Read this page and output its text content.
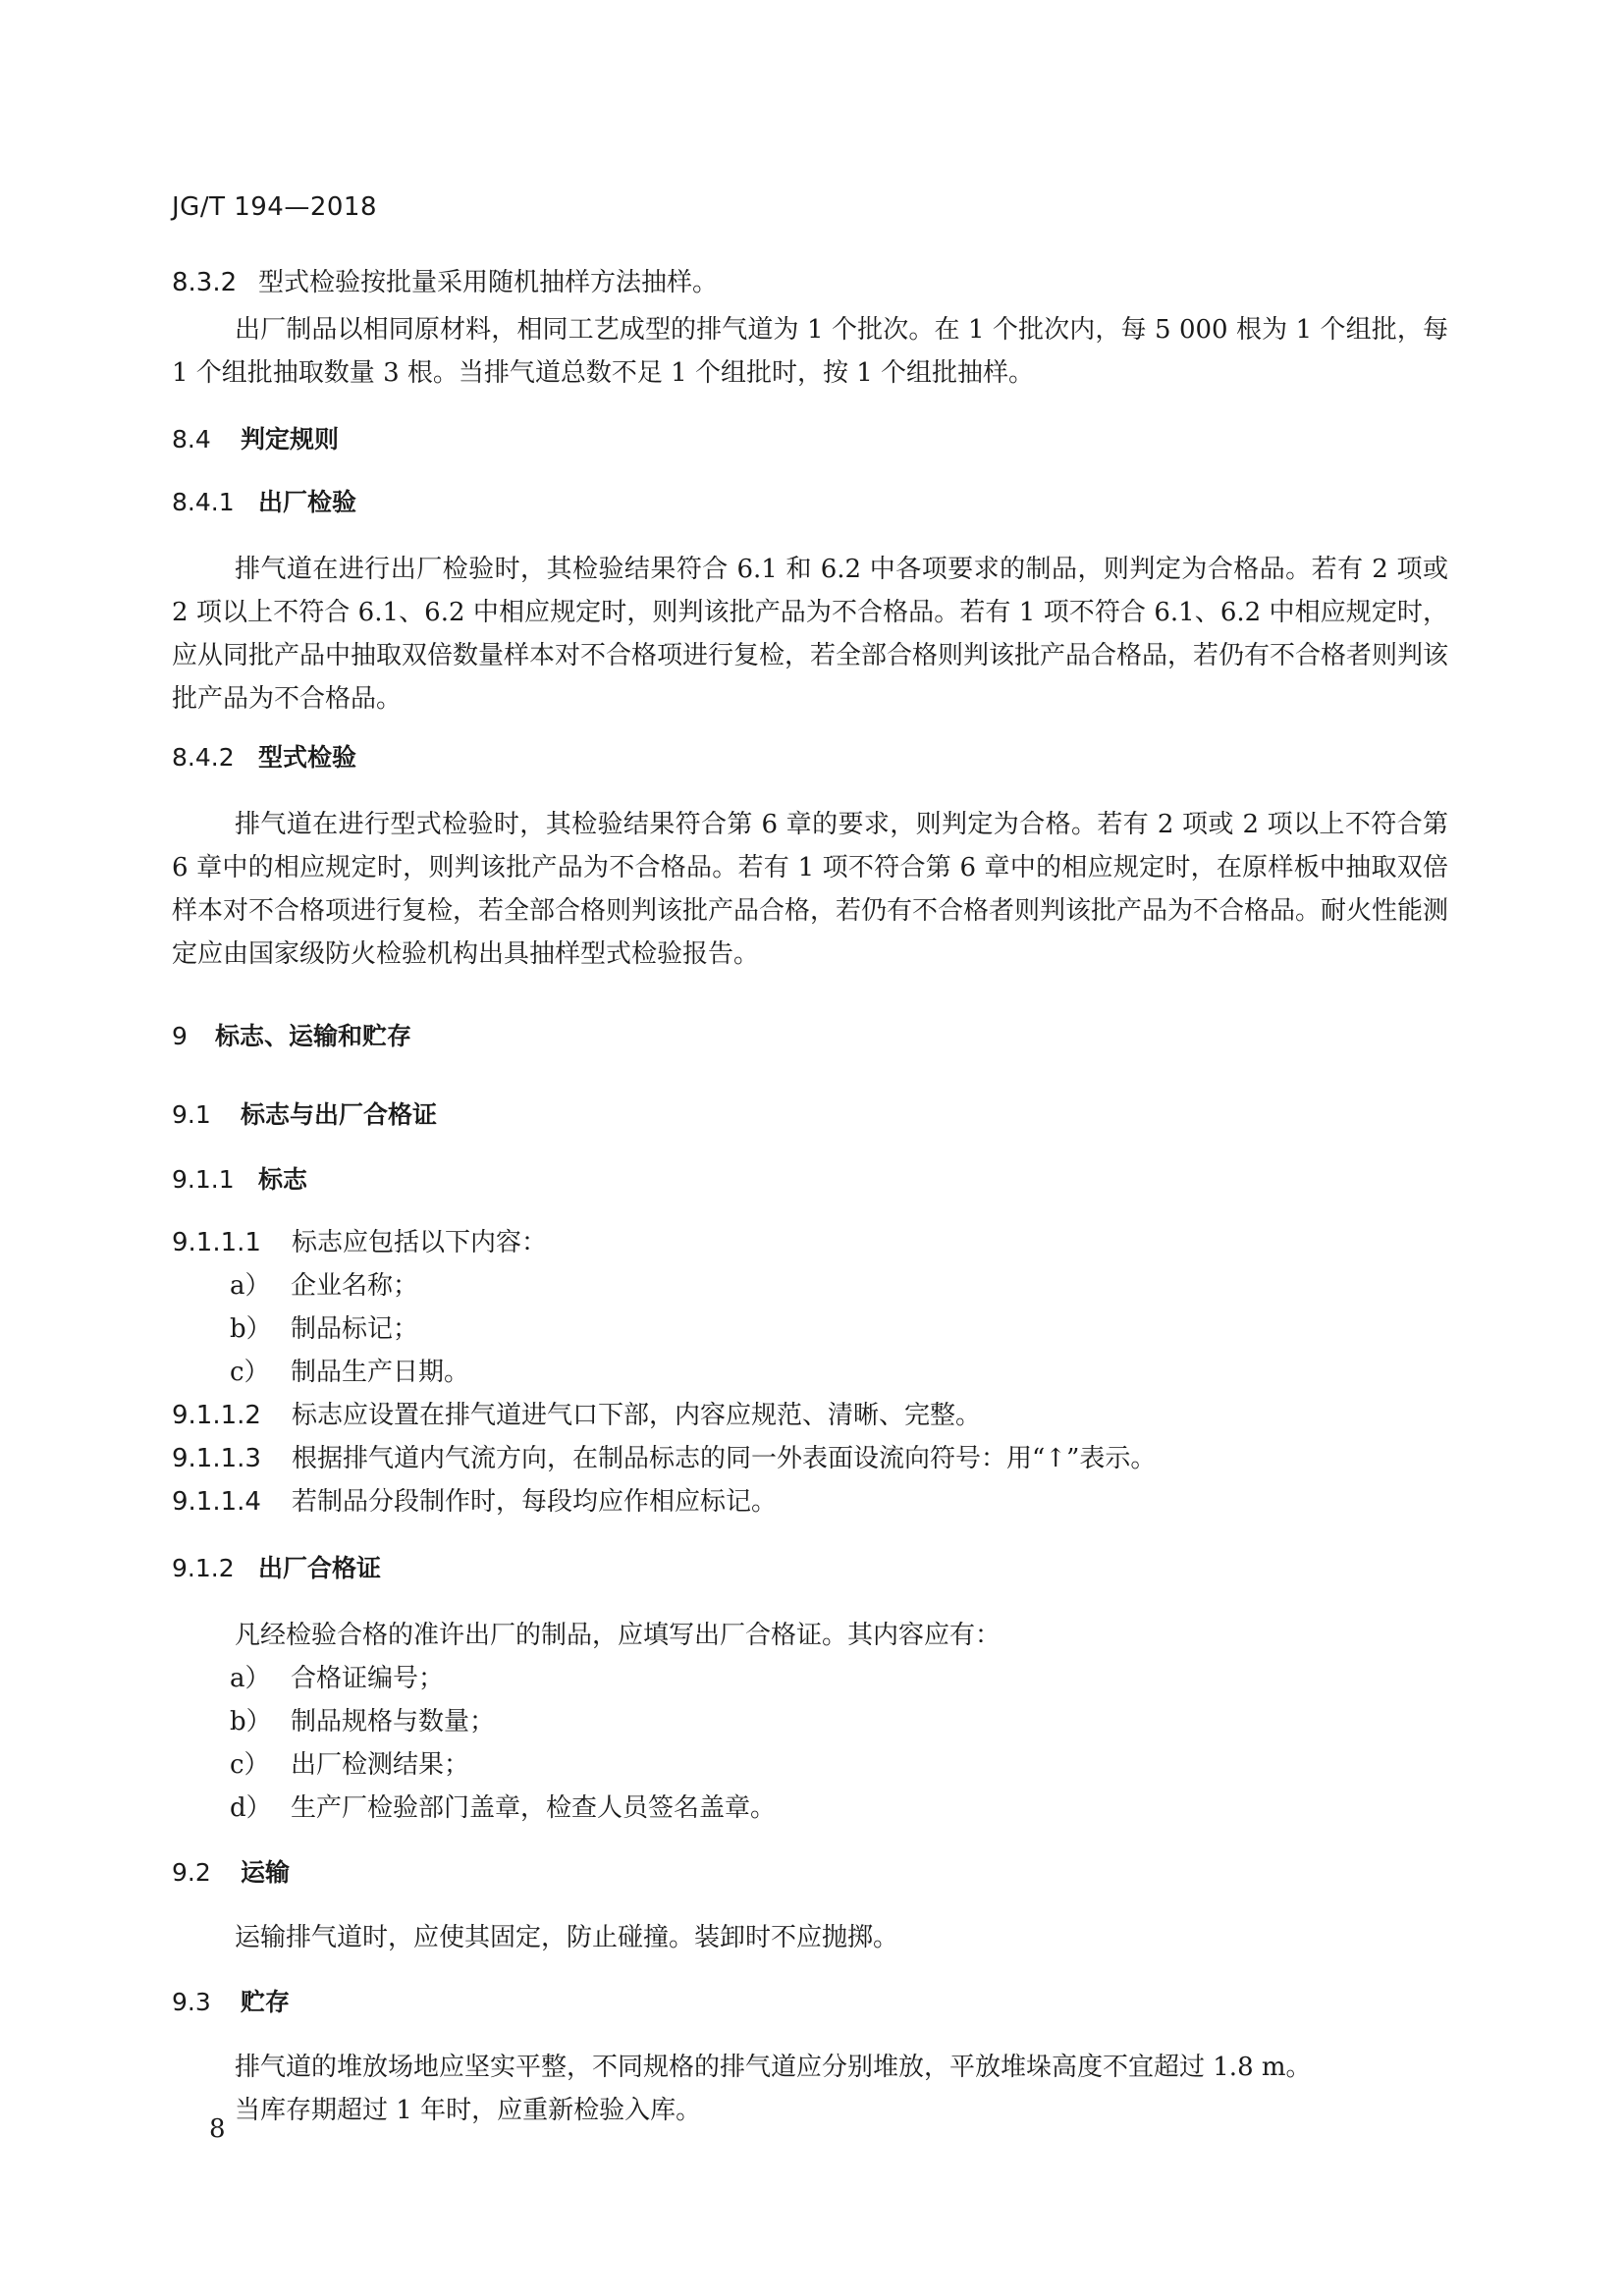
JG/T 194—2018
8.3.2 型式检验按批量采用随机抽样方法抽样。
出厂制品以相同原材料，相同工艺成型的排气道为 1 个批次。在 1 个批次内，每 5 000 根为 1 个组批，每 1 个组批抽取数量 3 根。当排气道总数不足 1 个组批时，按 1 个组批抽样。
8.4 判定规则
8.4.1 出厂检验
排气道在进行出厂检验时，其检验结果符合 6.1 和 6.2 中各项要求的制品，则判定为合格品。若有 2 项或 2 项以上不符合 6.1、6.2 中相应规定时，则判该批产品为不合格品。若有 1 项不符合 6.1、6.2 中相应规定时，应从同批产品中抽取双倍数量样本对不合格项进行复检，若全部合格则判该批产品合格品，若仍有不合格者则判该批产品为不合格品。
8.4.2 型式检验
排气道在进行型式检验时，其检验结果符合第 6 章的要求，则判定为合格。若有 2 项或 2 项以上不符合第 6 章中的相应规定时，则判该批产品为不合格品。若有 1 项不符合第 6 章中的相应规定时，在原样板中抽取双倍样本对不合格项进行复检，若全部合格则判该批产品合格，若仍有不合格者则判该批产品为不合格品。耐火性能测定应由国家级防火检验机构出具抽样型式检验报告。
9 标志、运输和贮存
9.1 标志与出厂合格证
9.1.1 标志
9.1.1.1 标志应包括以下内容：
a） 企业名称；
b） 制品标记；
c） 制品生产日期。
9.1.1.2 标志应设置在排气道进气口下部，内容应规范、清晰、完整。
9.1.1.3 根据排气道内气流方向，在制品标志的同一外表面设流向符号：用“↑”表示。
9.1.1.4 若制品分段制作时，每段均应作相应标记。
9.1.2 出厂合格证
凡经检验合格的准许出厂的制品，应填写出厂合格证。其内容应有：
a） 合格证编号；
b） 制品规格与数量；
c） 出厂检测结果；
d） 生产厂检验部门盖章，检查人员签名盖章。
9.2 运输
运输排气道时，应使其固定，防止碰撞。装卸时不应抛掷。
9.3 贮存
排气道的堆放场地应坚实平整，不同规格的排气道应分别堆放，平放堆垛高度不宜超过 1.8 m。
当库存期超过 1 年时，应重新检验入库。
8
